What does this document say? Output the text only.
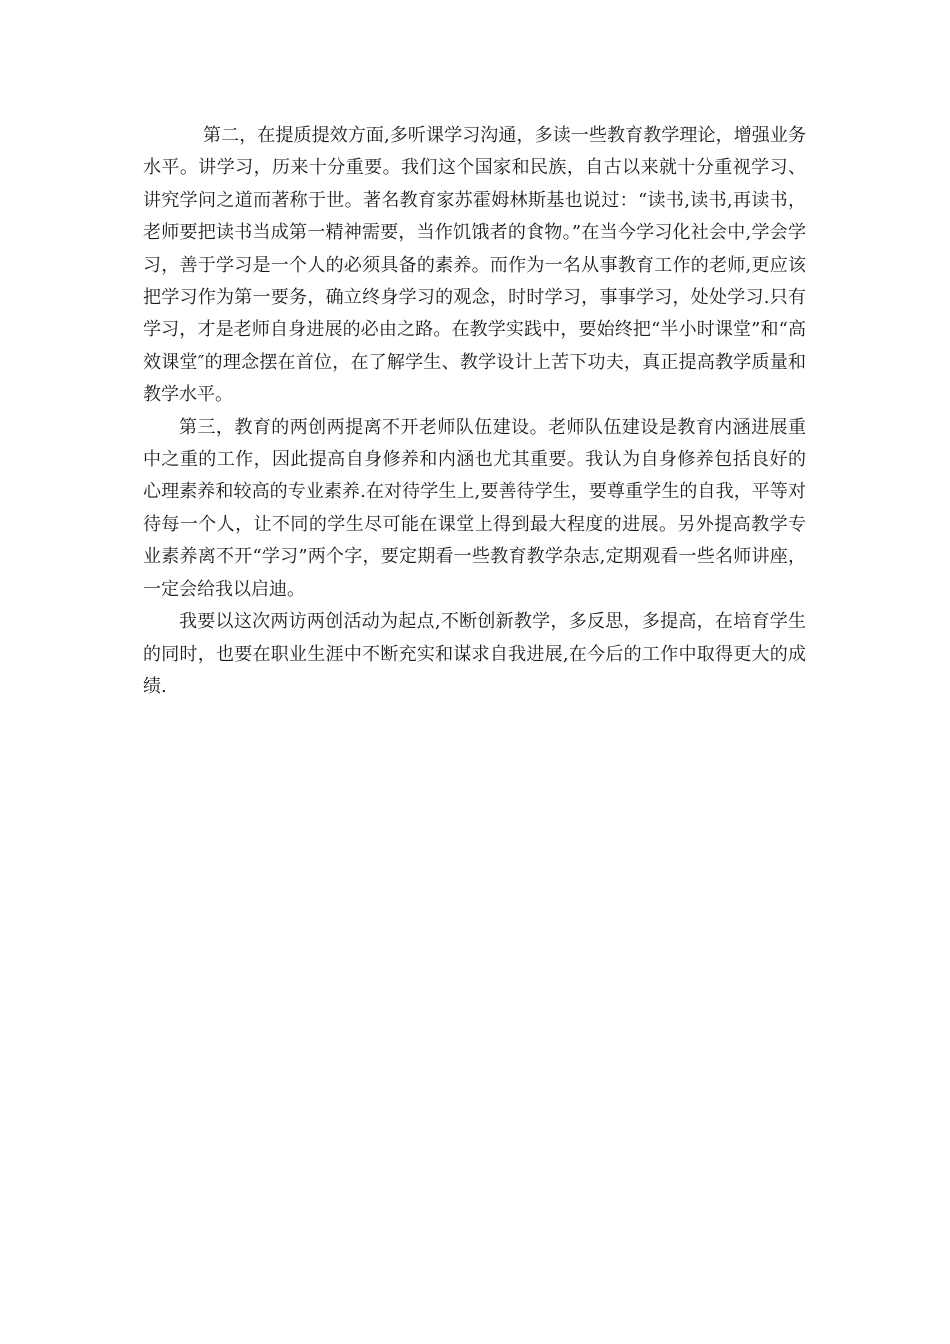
第二，在提质提效方面,多听课学习沟通，多读一些教育教学理论，增强业务水平。讲学习，历来十分重要。我们这个国家和民族，自古以来就十分重视学习、讲究学问之道而著称于世。著名教育家苏霍姆林斯基也说过：“读书,读书,再读书，老师要把读书当成第一精神需要，当作饥饿者的食物。”在当今学习化社会中,学会学习，善于学习是一个人的必须具备的素养。而作为一名从事教育工作的老师,更应该把学习作为第一要务，确立终身学习的观念，时时学习，事事学习，处处学习.只有学习，才是老师自身进展的必由之路。在教学实践中，要始终把“半小时课堂”和“高效课堂″的理念摆在首位，在了解学生、教学设计上苦下功夫，真正提高教学质量和教学水平。

第三，教育的两创两提离不开老师队伍建设。老师队伍建设是教育内涵进展重中之重的工作，因此提高自身修养和内涵也尤其重要。我认为自身修养包括良好的心理素养和较高的专业素养.在对待学生上,要善待学生，要尊重学生的自我，平等对待每一个人，让不同的学生尽可能在课堂上得到最大程度的进展。另外提高教学专业素养离不开“学习”两个字，要定期看一些教育教学杂志,定期观看一些名师讲座，一定会给我以启迪。

我要以这次两访两创活动为起点,不断创新教学，多反思，多提高，在培育学生的同时，也要在职业生涯中不断充实和谋求自我进展,在今后的工作中取得更大的成绩.
